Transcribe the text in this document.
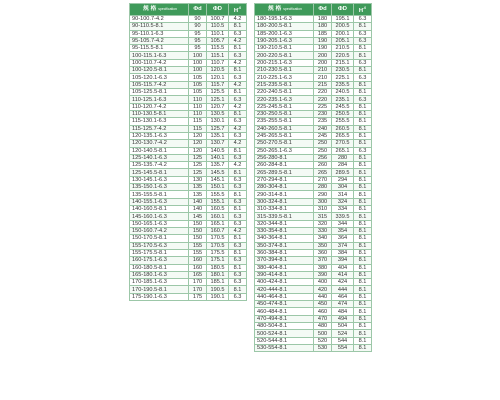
规 格 specification	Φd	ΦD	$H^{-0}$
90-100.7-4.2	90	100.7	4.2
90-110.5-8.1	90	110.5	8.1
95-110.1-6.3	95	110.1	6.3
95-105.7-4.2	95	105.7	4.2
95-115.5-8.1	95	115.5	8.1
100-115.1-6.3	100	115.1	6.3
100-110.7-4.2	100	110.7	4.2
100-120.5-8.1	100	120.5	8.1
105-120.1-6.3	105	120.1	6.3
105-115.7-4.2	105	115.7	4.2
105-125.5-8.1	105	125.5	8.1
110-125.1-6.3	110	125.1	6.3
110-120.7-4.2	110	120.7	4.2
110-130.5-8.1	110	130.5	8.1
115-130.1-6.3	115	130.1	6.3
115-125.7-4.2	115	125.7	4.2
120-135.1-6.3	120	135.1	6.3
120-130.7-4.2	120	130.7	4.2
120-140.5-8.1	120	140.5	8.1
125-140.1-6.3	125	140.1	6.3
125-135.7-4.2	125	135.7	4.2
125-145.5-8.1	125	145.5	8.1
130-145.1-6.3	130	145.1	6.3
135-150.1-6.3	135	150.1	6.3
135-155.5-8.1	135	155.5	8.1
140-155.1-6.3	140	155.1	6.3
140-160.5-8.1	140	160.5	8.1
145-160.1-6.3	145	160.1	6.3
150-165.1-6.3	150	165.1	6.3
150-160.7-4.2	150	160.7	4.2
150-170.5-8.1	150	170.5	8.1
155-170.5-6.3	155	170.5	6.3
155-175.5-8.1	155	175.5	8.1
160-175.1-6.3	160	175.1	6.3
160-180.5-8.1	160	180.5	8.1
165-180.1-6.3	165	180.1	6.3
170-185.1-6.3	170	185.1	6.3
170-190.5-8.1	170	190.5	8.1
175-190.1-6.3	175	190.1	6.3
规 格 specification	Φd	ΦD	$H^{-0}$
180-195.1-6.3	180	195.1	6.3
180-200.5-8.1	180	200.5	8.1
185-200.1-6.3	185	200.1	6.3
190-205.1-6.3	190	205.1	6.3
190-210.5-8.1	190	210.5	8.1
200-220.5-8.1	200	220.5	8.1
200-215.1-6.3	200	215.1	6.3
210-230.5-8.1	210	230.5	8.1
210-225.1-6.3	210	225.1	6.3
215-235.5-8.1	215	235.5	8.1
220-240.5-8.1	220	240.5	8.1
220-235.1-6.3	220	235.1	6.3
225-245.5-8.1	225	245.5	8.1
230-250.5-8.1	230	250.5	8.1
235-255.5-8.1	235	255.5	8.1
240-260.5-8.1	240	260.5	8.1
245-265.5-8.1	245	265.5	8.1
250-270.5-8.1	250	270.5	8.1
250-265.1-6.3	250	265.1	6.3
256-280-8.1	256	280	8.1
260-284-8.1	260	284	8.1
265-289.5-8.1	265	289.5	8.1
270-294-8.1	270	294	8.1
280-304-8.1	280	304	8.1
290-314-8.1	290	314	8.1
300-324-8.1	300	324	8.1
310-334-8.1	310	334	8.1
315-339.5-8.1	315	339.5	8.1
320-344-8.1	320	344	8.1
330-354-8.1	330	354	8.1
340-364-8.1	340	364	8.1
350-374-8.1	350	374	8.1
360-384-8.1	360	384	8.1
370-394-8.1	370	394	8.1
380-404-8.1	380	404	8.1
390-414-8.1	390	414	8.1
400-424-8.1	400	424	8.1
420-444-8.1	420	444	8.1
440-464-8.1	440	464	8.1
450-474-8.1	450	474	8.1
460-484-8.1	460	484	8.1
470-494-8.1	470	494	8.1
480-504-8.1	480	504	8.1
500-524-8.1	500	524	8.1
520-544-8.1	520	544	8.1
530-554-8.1	530	554	8.1
